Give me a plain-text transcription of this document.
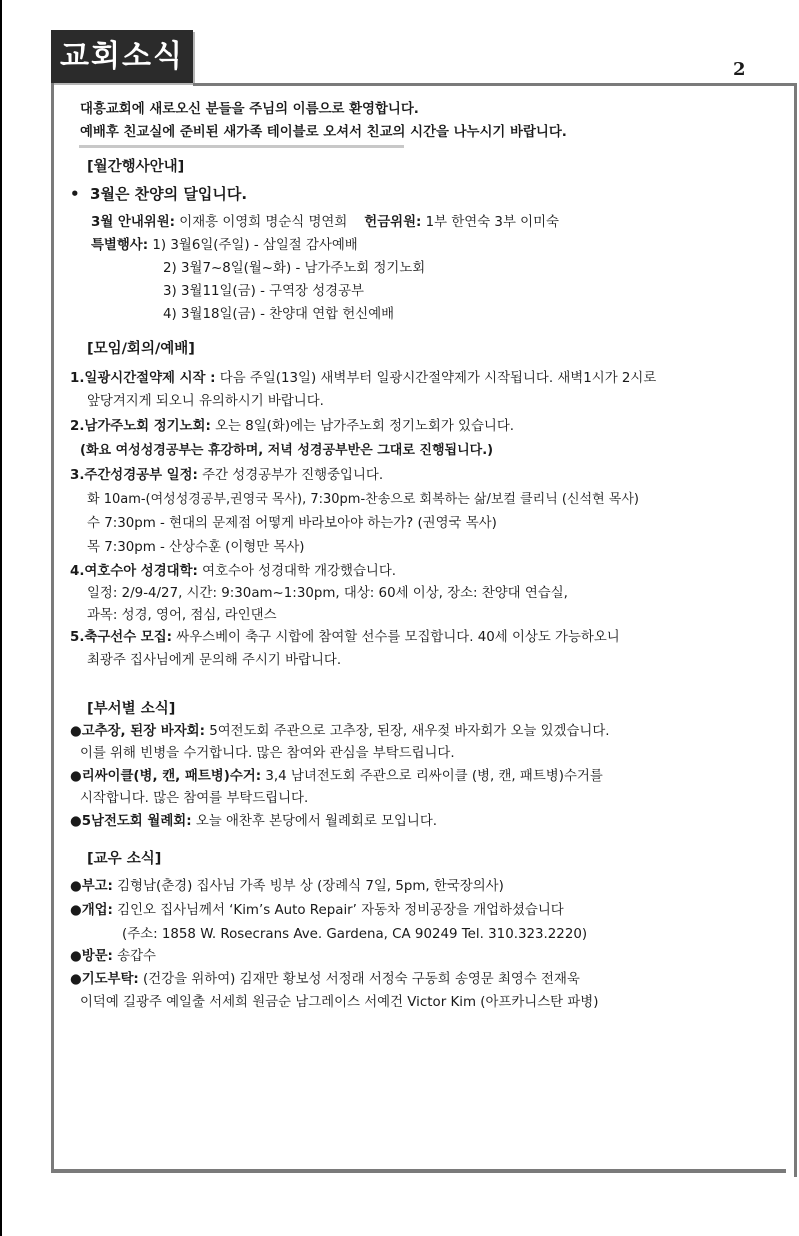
교회소식	2
대흥교회에 새로오신 분들을 주님의 이름으로 환영합니다.
예배후 친교실에 준비된 새가족 테이블로 오셔서 친교의 시간을 나누시기 바랍니다.
[월간행사안내]
• 3월은 찬양의 달입니다.
3월 안내위원: 이재흥 이영희 명순식 명연희 헌금위원: 1부 한연숙 3부 이미숙
특별행사: 1) 3월6일(주일) - 삼일절 감사예배
2) 3월7~8일(월~화) - 남가주노회 정기노회
3) 3월11일(금) - 구역장 성경공부
4) 3월18일(금) - 찬양대 연합 헌신예배
[모임/회의/예배]
1.일광시간절약제 시작 : 다음 주일(13일) 새벽부터 일광시간절약제가 시작됩니다. 새벽1시가 2시로
앞당겨지게 되오니 유의하시기 바랍니다.
2.남가주노회 정기노회: 오는 8일(화)에는 남가주노회 정기노회가 있습니다.
(화요 여성성경공부는 휴강하며, 저녁 성경공부반은 그대로 진행됩니다.)
3.주간성경공부 일정: 주간 성경공부가 진행중입니다.
화 10am-(여성성경공부,권영국 목사), 7:30pm-찬송으로 회복하는 삶/보컬 클리닉 (신석현 목사)
수 7:30pm - 현대의 문제점 어떻게 바라보아야 하는가? (권영국 목사)
목 7:30pm - 산상수훈 (이형만 목사)
4.여호수아 성경대학: 여호수아 성경대학 개강했습니다.
일정: 2/9-4/27, 시간: 9:30am~1:30pm, 대상: 60세 이상, 장소: 찬양대 연습실,
과목: 성경, 영어, 점심, 라인댄스
5.축구선수 모집: 싸우스베이 축구 시합에 참여할 선수를 모집합니다. 40세 이상도 가능하오니
최광주 집사님에게 문의해 주시기 바랍니다.
[부서별 소식]
●고추장, 된장 바자회: 5여전도회 주관으로 고추장, 된장, 새우젖 바자회가 오늘 있겠습니다.
이를 위해 빈병을 수거합니다. 많은 참여와 관심을 부탁드립니다.
●리싸이클(병, 캔, 패트병)수거: 3,4 남녀전도회 주관으로 리싸이클 (병, 캔, 패트병)수거를
시작합니다. 많은 참여를 부탁드립니다.
●5남전도회 월례회: 오늘 애찬후 본당에서 월례회로 모입니다.
[교우 소식]
●부고: 김형남(춘경) 집사님 가족 빙부 상 (장례식 7일, 5pm, 한국장의사)
●개업: 김인오 집사님께서 ‘Kim’s Auto Repair’ 자동차 정비공장을 개업하셨습니다
(주소: 1858 W. Rosecrans Ave. Gardena, CA 90249 Tel. 310.323.2220)
●방문: 송갑수
●기도부탁: (건강을 위하여) 김재만 황보성 서정래 서정숙 구동희 송영문 최영수 전재욱
이덕예 길광주 예일출 서세희 원금순 남그레이스 서예건 Victor Kim (아프카니스탄 파병)
